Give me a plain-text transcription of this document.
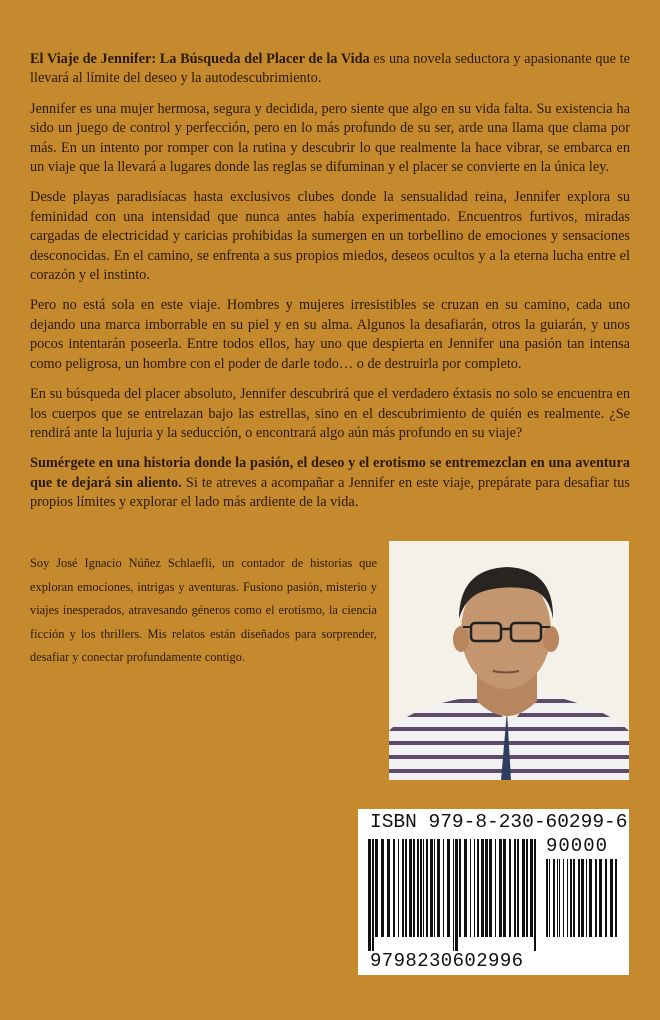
El Viaje de Jennifer: La Búsqueda del Placer de la Vida es una novela seductora y apasionante que te llevará al límite del deseo y la autodescubrimiento.

Jennifer es una mujer hermosa, segura y decidida, pero siente que algo en su vida falta. Su existencia ha sido un juego de control y perfección, pero en lo más profundo de su ser, arde una llama que clama por más. En un intento por romper con la rutina y descubrir lo que realmente la hace vibrar, se embarca en un viaje que la llevará a lugares donde las reglas se difuminan y el placer se convierte en la única ley.

Desde playas paradisíacas hasta exclusivos clubes donde la sensualidad reina, Jennifer explora su feminidad con una intensidad que nunca antes había experimentado. Encuentros furtivos, miradas cargadas de electricidad y caricias prohibidas la sumergen en un torbellino de emociones y sensaciones desconocidas. En el camino, se enfrenta a sus propios miedos, deseos ocultos y a la eterna lucha entre el corazón y el instinto.

Pero no está sola en este viaje. Hombres y mujeres irresistibles se cruzan en su camino, cada uno dejando una marca imborrable en su piel y en su alma. Algunos la desafiarán, otros la guiarán, y unos pocos intentarán poseerla. Entre todos ellos, hay uno que despierta en Jennifer una pasión tan intensa como peligrosa, un hombre con el poder de darle todo… o de destruirla por completo.

En su búsqueda del placer absoluto, Jennifer descubrirá que el verdadero éxtasis no solo se encuentra en los cuerpos que se entrelazan bajo las estrellas, sino en el descubrimiento de quién es realmente. ¿Se rendirá ante la lujuria y la seducción, o encontrará algo aún más profundo en su viaje?

Sumérgete en una historia donde la pasión, el deseo y el erotismo se entremezclan en una aventura que te dejará sin aliento. Si te atreves a acompañar a Jennifer en este viaje, prepárate para desafiar tus propios límites y explorar el lado más ardiente de la vida.

Soy José Ignacio Núñez Schlaefli, un contador de historias que exploran emociones, intrigas y aventuras. Fusiono pasión, misterio y viajes inesperados, atravesando géneros como el erotismo, la ciencia ficción y los thrillers. Mis relatos están diseñados para sorprender, desafiar y conectar profundamente contigo.

ISBN 979-8-230-60299-6
90000
9798230602996
